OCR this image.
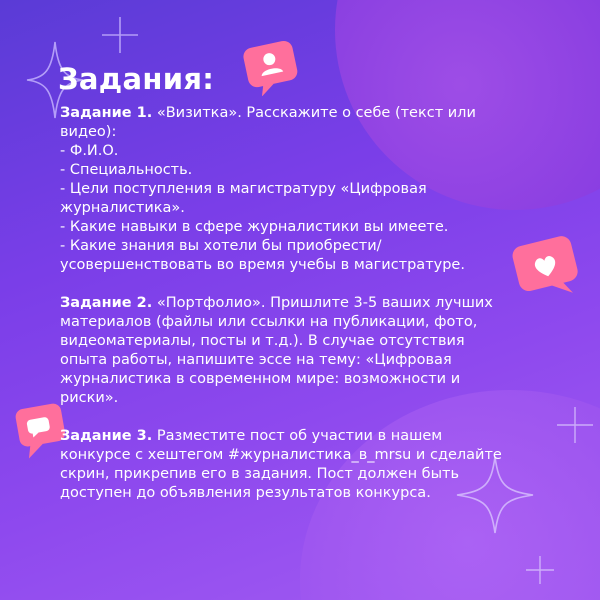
Задания:

Задание 1. «Визитка». Расскажите о себе (текст или видео):
- Ф.И.О.
- Специальность.
- Цели поступления в магистратуру «Цифровая журналистика».
- Какие навыки в сфере журналистики вы имеете.
- Какие знания вы хотели бы приобрести/ усовершенствовать во время учебы в магистратуре.

Задание 2. «Портфолио». Пришлите 3-5 ваших лучших материалов (файлы или ссылки на публикации, фото, видеоматериалы, посты и т.д.). В случае отсутствия опыта работы, напишите эссе на тему: «Цифровая журналистика в современном мире: возможности и риски».

Задание 3. Разместите пост об участии в нашем конкурсе с хештегом #журналистика_в_mrsu и сделайте скрин, прикрепив его в задания. Пост должен быть доступен до объявления результатов конкурса.
